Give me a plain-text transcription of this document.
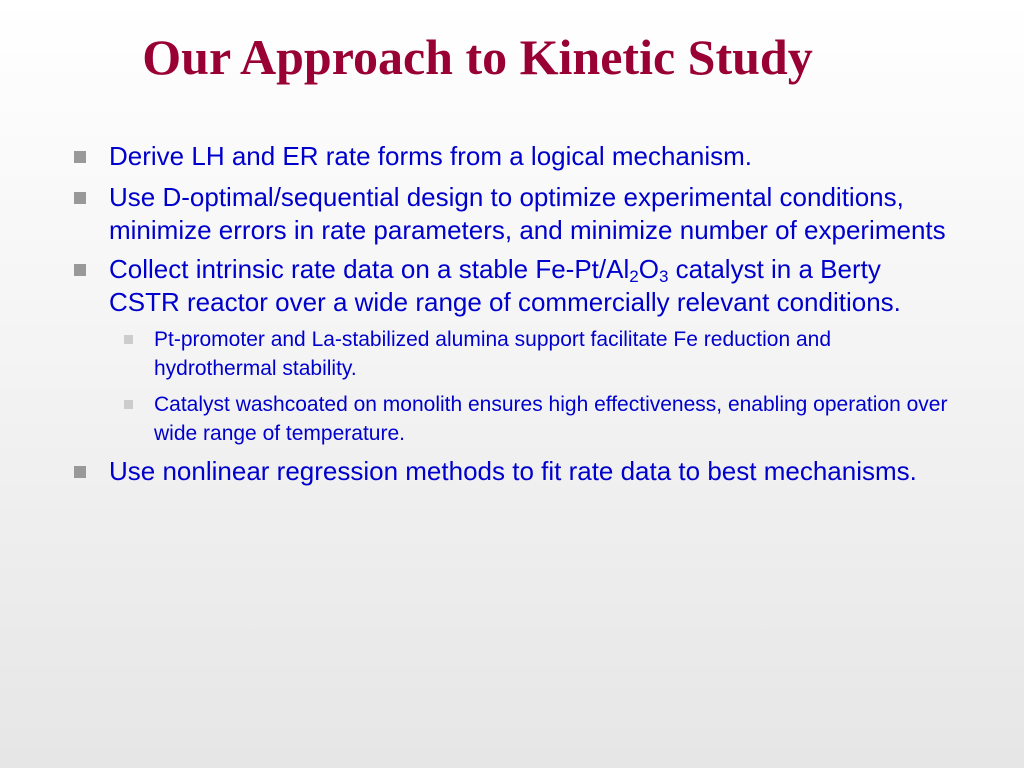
Our Approach to Kinetic Study
Derive LH and ER rate forms from a logical mechanism.
Use D-optimal/sequential design to optimize experimental conditions, minimize errors in rate parameters, and minimize number of experiments
Collect intrinsic rate data on a stable $Fe-Pt/Al_2O_3$ catalyst in a Berty CSTR reactor over a wide range of commercially relevant conditions.
Pt-promoter and La-stabilized alumina support facilitate Fe reduction and hydrothermal stability.
Catalyst washcoated on monolith ensures high effectiveness, enabling operation over wide range of temperature.
Use nonlinear regression methods to fit rate data to best mechanisms.
